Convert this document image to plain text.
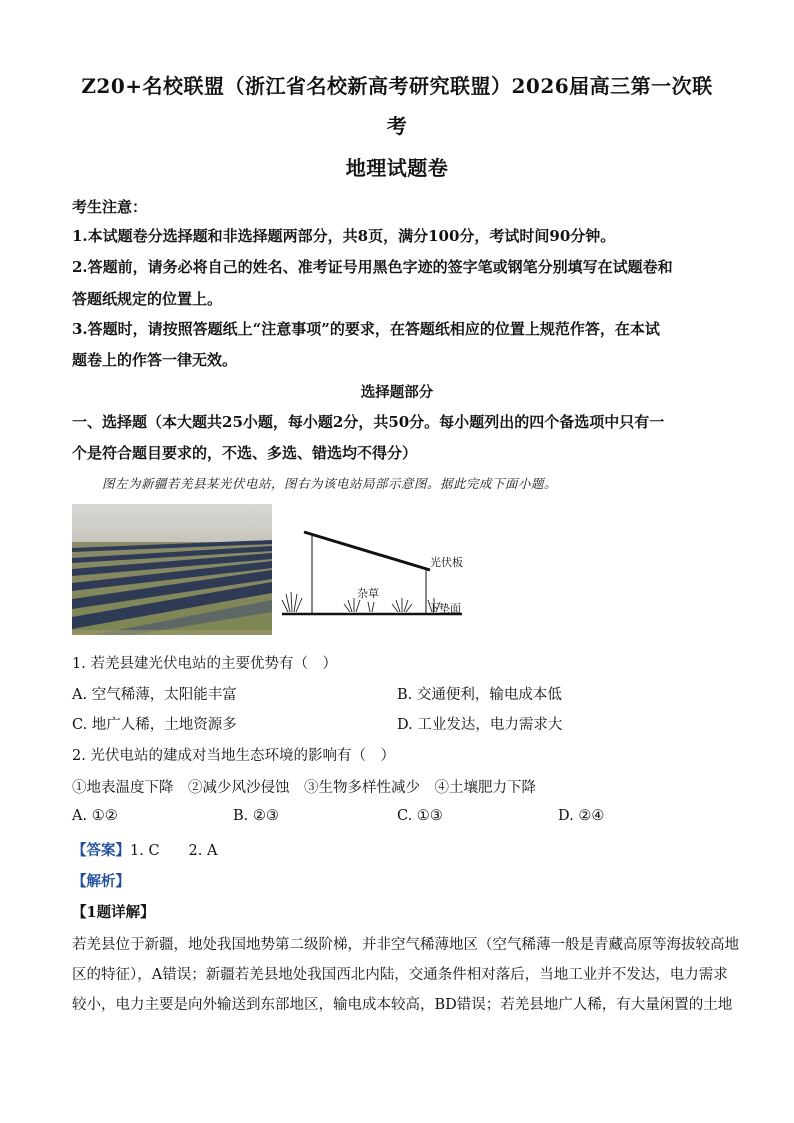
Z20+名校联盟（浙江省名校新高考研究联盟）2026届高三第一次联
考
地理试题卷
考生注意：
1.本试题卷分选择题和非选择题两部分，共8页，满分100分，考试时间90分钟。
2.答题前，请务必将自己的姓名、准考证号用黑色字迹的签字笔或钢笔分别填写在试题卷和
答题纸规定的位置上。
3.答题时，请按照答题纸上“注意事项”的要求，在答题纸相应的位置上规范作答，在本试
题卷上的作答一律无效。
选择题部分
一、选择题（本大题共25小题，每小题2分，共50分。每小题列出的四个备选项中只有一
个是符合题目要求的，不选、多选、错选均不得分）
图左为新疆若羌县某光伏电站，图右为该电站局部示意图。据此完成下面小题。
光伏板
杂草
下垫面
1. 若羌县建光伏电站的主要优势有（　）
A. 空气稀薄，太阳能丰富	B. 交通便利，输电成本低
C. 地广人稀，土地资源多	D. 工业发达，电力需求大
2. 光伏电站的建成对当地生态环境的影响有（　）
①地表温度下降　②减少风沙侵蚀　③生物多样性减少　④土壤肥力下降
A. ①②	B. ②③	C. ①③	D. ②④
【答案】1. C　　2. A
【解析】
【1题详解】
若羌县位于新疆，地处我国地势第二级阶梯，并非空气稀薄地区（空气稀薄一般是青藏高原等海拔较高地
区的特征），A错误；新疆若羌县地处我国西北内陆，交通条件相对落后，当地工业并不发达，电力需求
较小，电力主要是向外输送到东部地区，输电成本较高，BD错误；若羌县地广人稀，有大量闲置的土地
